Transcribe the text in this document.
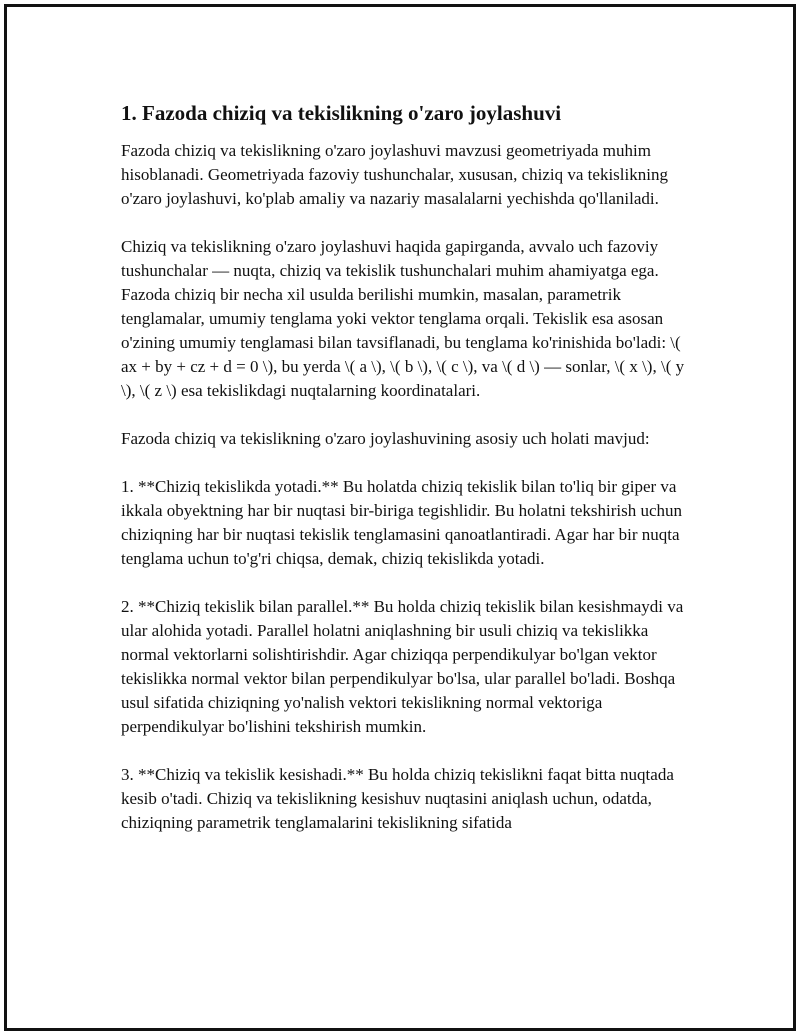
1. Fazoda chiziq va tekislikning o'zaro joylashuvi

Fazoda chiziq va tekislikning o'zaro joylashuvi mavzusi geometriyada muhim hisoblanadi. Geometriyada fazoviy tushunchalar, xususan, chiziq va tekislikning o'zaro joylashuvi, ko'plab amaliy va nazariy masalalarni yechishda qo'llaniladi.

Chiziq va tekislikning o'zaro joylashuvi haqida gapirganda, avvalo uch fazoviy tushunchalar — nuqta, chiziq va tekislik tushunchalari muhim ahamiyatga ega. Fazoda chiziq bir necha xil usulda berilishi mumkin, masalan, parametrik tenglamalar, umumiy tenglama yoki vektor tenglama orqali. Tekislik esa asosan o'zining umumiy tenglamasi bilan tavsiflanadi, bu tenglama ko'rinishida bo'ladi: \( ax + by + cz + d = 0 \), bu yerda \( a \), \( b \), \( c \), va \( d \) — sonlar, \( x \), \( y \), \( z \) esa tekislikdagi nuqtalarning koordinatalari.

Fazoda chiziq va tekislikning o'zaro joylashuvining asosiy uch holati mavjud:

1. **Chiziq tekislikda yotadi.** Bu holatda chiziq tekislik bilan to'liq bir giper va ikkala obyektning har bir nuqtasi bir-biriga tegishlidir. Bu holatni tekshirish uchun chiziqning har bir nuqtasi tekislik tenglamasini qanoatlantiradi. Agar har bir nuqta tenglama uchun to'g'ri chiqsa, demak, chiziq tekislikda yotadi.

2. **Chiziq tekislik bilan parallel.** Bu holda chiziq tekislik bilan kesishmaydi va ular alohida yotadi. Parallel holatni aniqlashning bir usuli chiziq va tekislikka normal vektorlarni solishtirishdir. Agar chiziqqa perpendikulyar bo'lgan vektor tekislikka normal vektor bilan perpendikulyar bo'lsa, ular parallel bo'ladi. Boshqa usul sifatida chiziqning yo'nalish vektori tekislikning normal vektoriga perpendikulyar bo'lishini tekshirish mumkin.

3. **Chiziq va tekislik kesishadi.** Bu holda chiziq tekislikni faqat bitta nuqtada kesib o'tadi. Chiziq va tekislikning kesishuv nuqtasini aniqlash uchun, odatda, chiziqning parametrik tenglamalarini tekislikning sifatida
